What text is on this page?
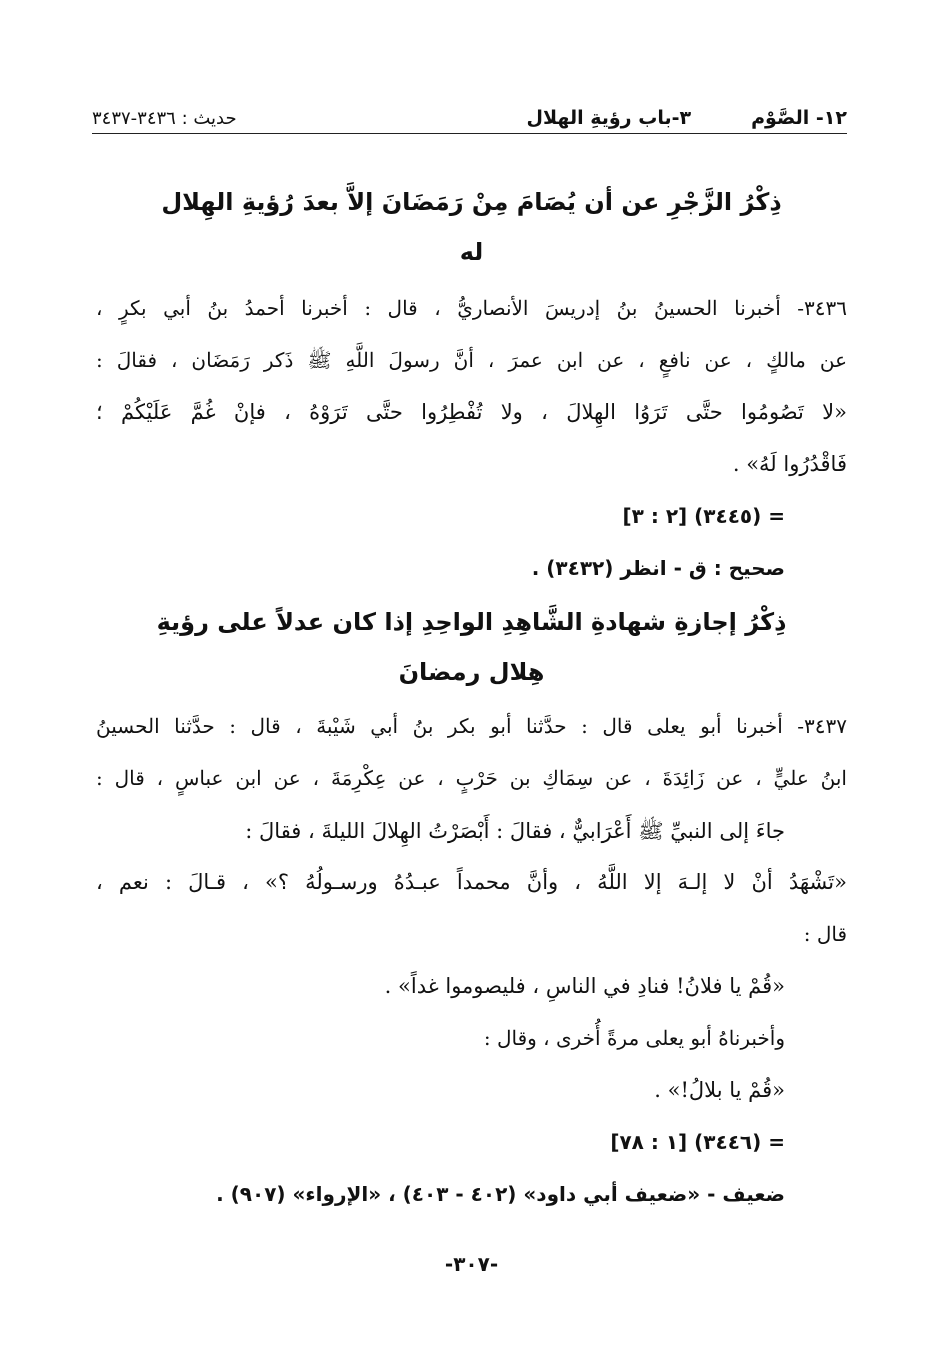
١٢- الصَّوْم
٣-باب رؤيةِ الهلال
حديث : ٣٤٣٦-٣٤٣٧
ذِكْرُ الزَّجْرِ عن أن يُصَامَ مِنْ رَمَضَانَ إلاَّ بعدَ رُؤيةِ الهِلال
له
٣٤٣٦- أخبرنا الحسينُ بنُ إدريسَ الأنصاريُّ ، قال : أخبرنا أحمدُ بنُ أبي بكرٍ ،
عن مالكٍ ، عن نافعٍ ، عن ابن عمرَ ، أنَّ رسولَ اللَّهِ ﷺ ذَكر رَمَضَان ، فقالَ :
«لا تَصُومُوا حتَّى تَرَوُا الهِلالَ ، ولا تُفْطِرُوا حتَّى تَرَوْهُ ، فإنْ غُمَّ عَلَيْكُمْ ؛
فَاقْدُرُوا لَهُ» .
= (٣٤٤٥) [٢ : ٣]
صحيح : ق - انظر (٣٤٣٢) .
ذِكْرُ إجازةِ شهادةِ الشَّاهِدِ الواحِدِ إذا كان عدلاً على رؤيةِ
هِلال رمضانَ
٣٤٣٧- أخبرنا أبو يعلى قال : حدَّثنا أبو بكر بنُ أبي شَيْبةَ ، قال : حدَّثنا الحسينُ
ابنُ عليٍّ ، عن زَائِدَةَ ، عن سِمَاكِ بن حَرْبٍ ، عن عِكْرِمَةَ ، عن ابن عباسٍ ، قال :
جاءَ إلى النبيِّ ﷺ أَعْرَابيٌّ ، فقالَ : أَبْصَرْتُ الهِلالَ الليلةَ ، فقالَ :
«تَشْهَدُ أنْ لا إلـهَ إلا اللَّهُ ، وأنَّ محمداً عبـدُهُ ورسـولُهُ ؟» ، قـالَ : نعم ،
قال :
«قُمْ يا فلانُ! فنادِ في الناسِ ، فليصوموا غداً» .
وأخبرناهُ أبو يعلى مرةً أُخرى ، وقال :
«قُمْ يا بلالُ!» .
= (٣٤٤٦) [١ : ٧٨]
ضعيف - «ضعيف أبي داود» (٤٠٢ - ٤٠٣) ، «الإرواء» (٩٠٧) .
-٣٠٧-
